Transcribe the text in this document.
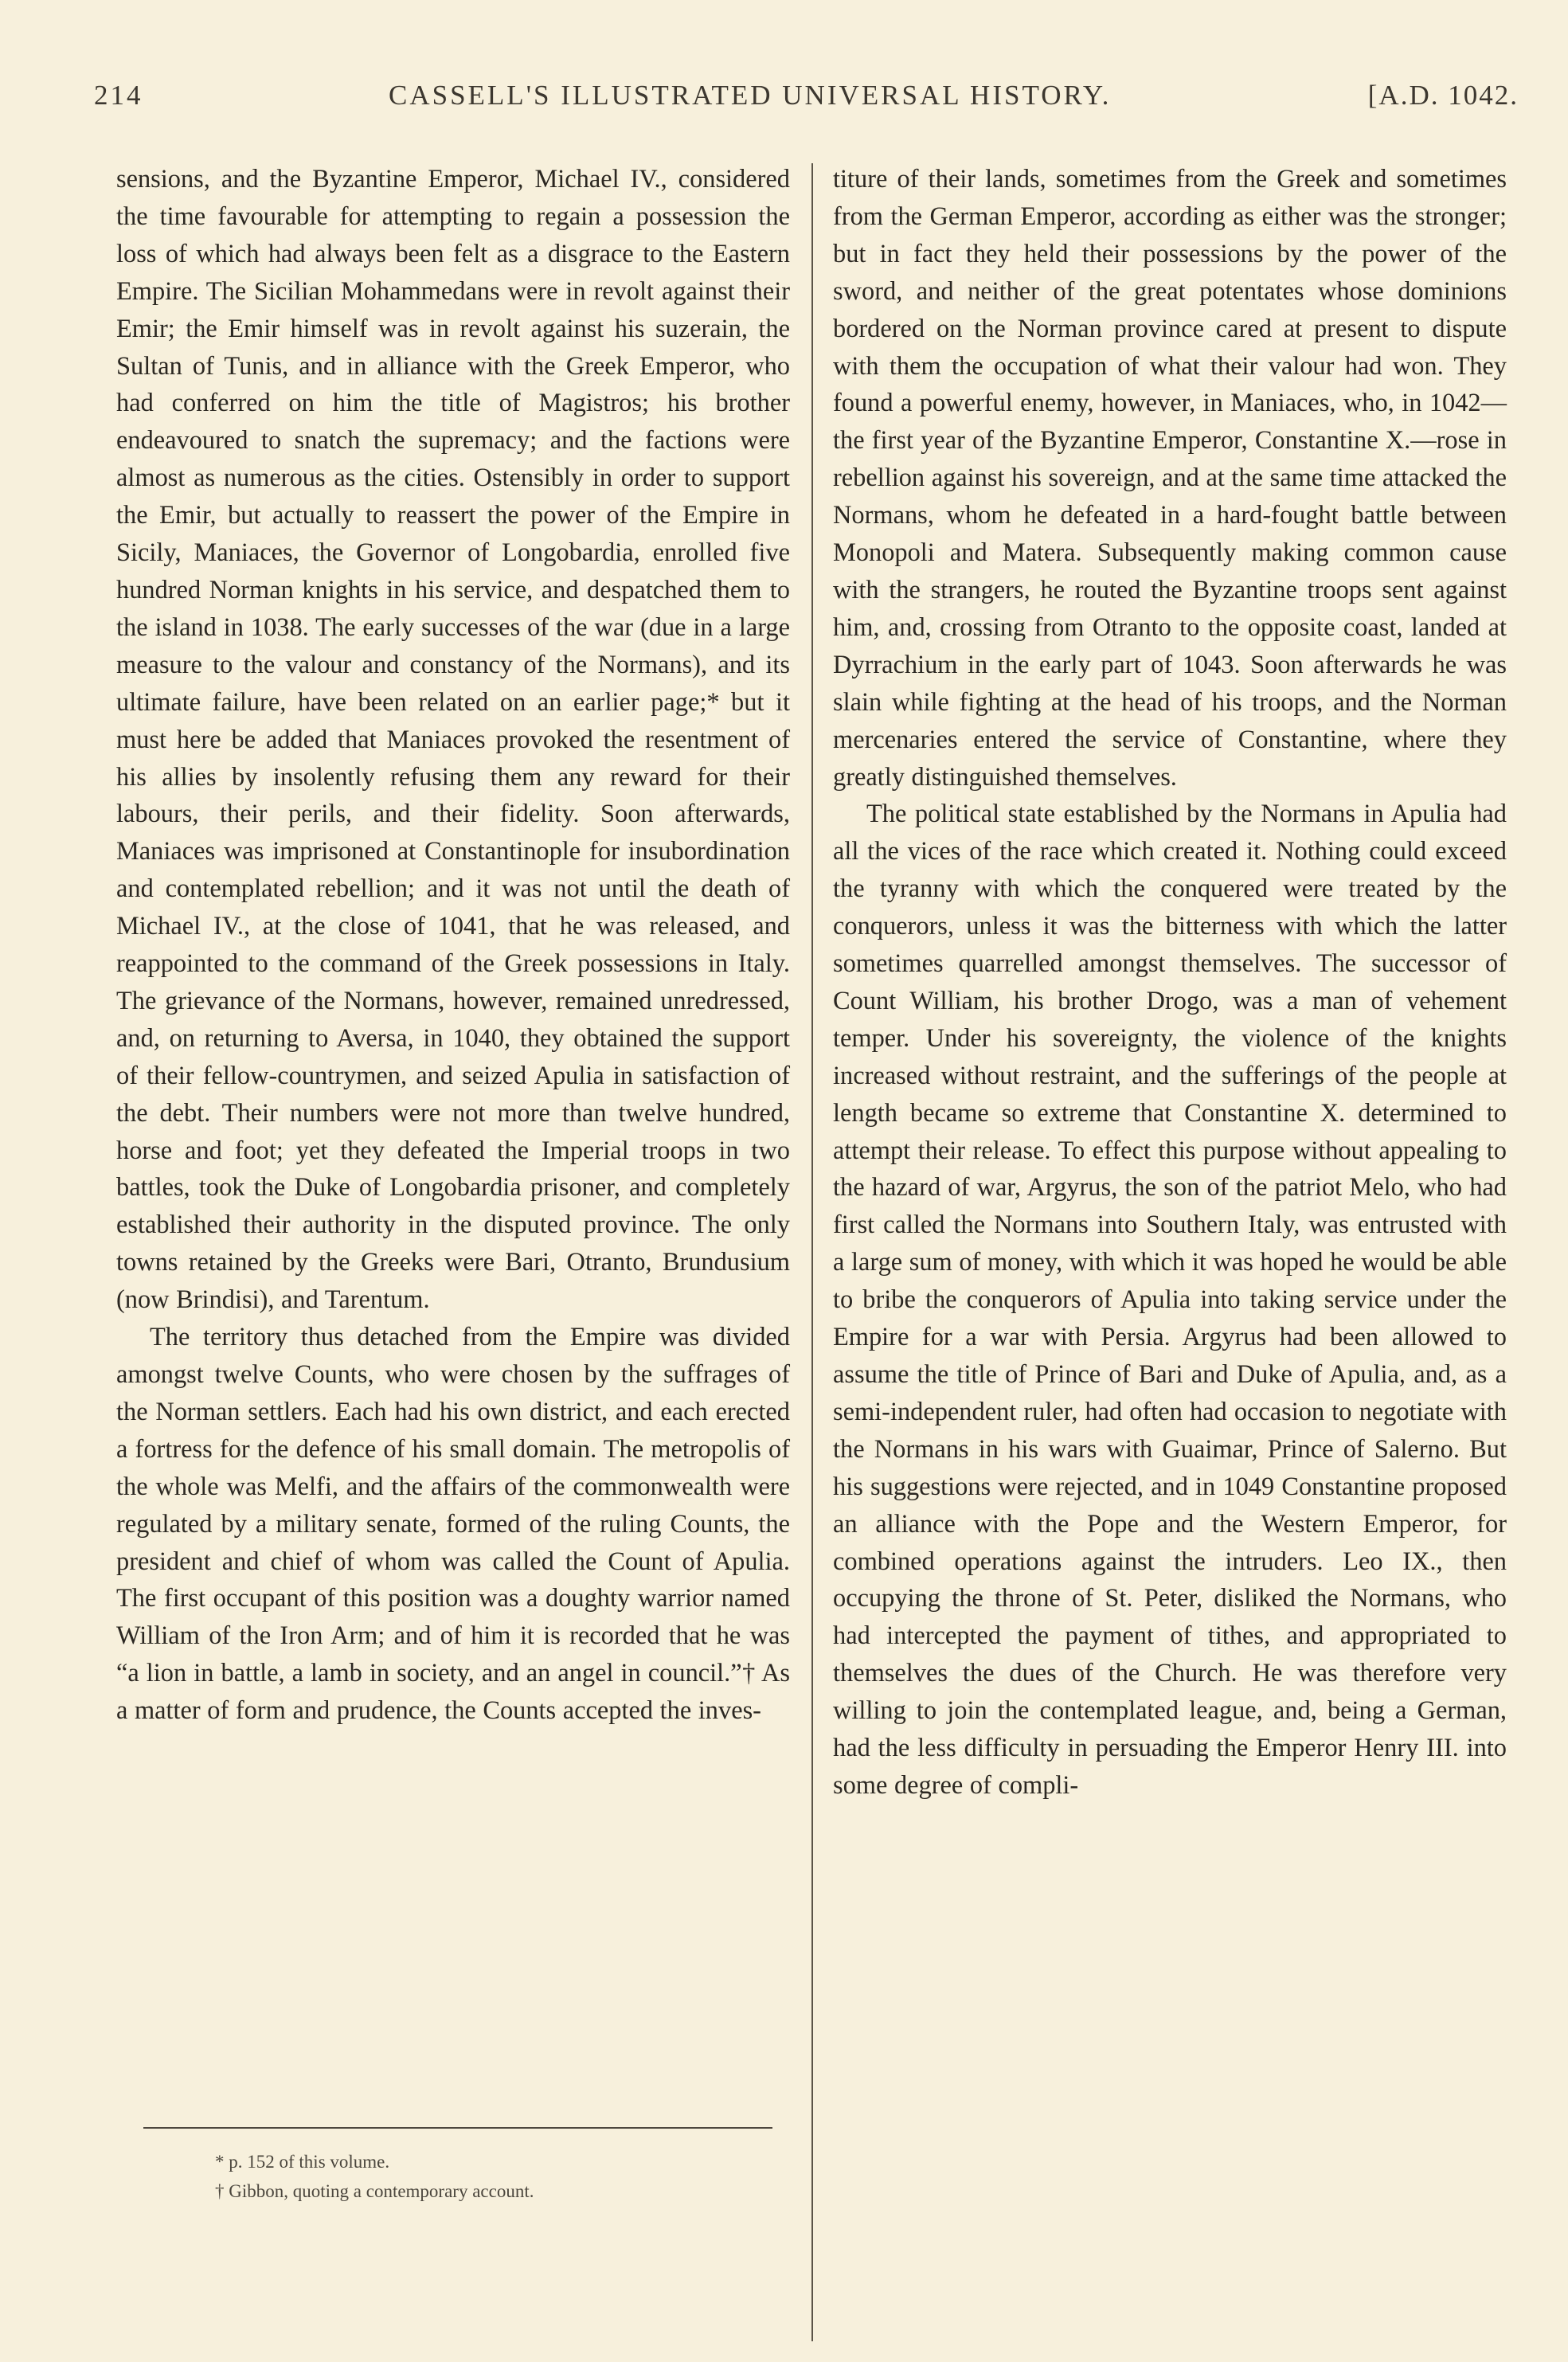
214	CASSELL'S ILLUSTRATED UNIVERSAL HISTORY.	[A.D. 1042.

sensions, and the Byzantine Emperor, Michael IV., considered the time favourable for attempting to regain a possession the loss of which had always been felt as a disgrace to the Eastern Empire. The Sicilian Mohammedans were in revolt against their Emir; the Emir himself was in revolt against his suzerain, the Sultan of Tunis, and in alliance with the Greek Emperor, who had conferred on him the title of Magistros; his brother endeavoured to snatch the supremacy; and the factions were almost as numerous as the cities. Ostensibly in order to support the Emir, but actually to reassert the power of the Empire in Sicily, Maniaces, the Governor of Longobardia, enrolled five hundred Norman knights in his service, and despatched them to the island in 1038. The early successes of the war (due in a large measure to the valour and constancy of the Normans), and its ultimate failure, have been related on an earlier page;* but it must here be added that Maniaces provoked the resentment of his allies by insolently refusing them any reward for their labours, their perils, and their fidelity. Soon afterwards, Maniaces was imprisoned at Constantinople for insubordination and contemplated rebellion; and it was not until the death of Michael IV., at the close of 1041, that he was released, and reappointed to the command of the Greek possessions in Italy. The grievance of the Normans, however, remained unredressed, and, on returning to Aversa, in 1040, they obtained the support of their fellow-countrymen, and seized Apulia in satisfaction of the debt. Their numbers were not more than twelve hundred, horse and foot; yet they defeated the Imperial troops in two battles, took the Duke of Longobardia prisoner, and completely established their authority in the disputed province. The only towns retained by the Greeks were Bari, Otranto, Brundusium (now Brindisi), and Tarentum.

The territory thus detached from the Empire was divided amongst twelve Counts, who were chosen by the suffrages of the Norman settlers. Each had his own district, and each erected a fortress for the defence of his small domain. The metropolis of the whole was Melfi, and the affairs of the commonwealth were regulated by a military senate, formed of the ruling Counts, the president and chief of whom was called the Count of Apulia. The first occupant of this position was a doughty warrior named William of the Iron Arm; and of him it is recorded that he was “a lion in battle, a lamb in society, and an angel in council.”† As a matter of form and prudence, the Counts accepted the inves-

titure of their lands, sometimes from the Greek and sometimes from the German Emperor, according as either was the stronger; but in fact they held their possessions by the power of the sword, and neither of the great potentates whose dominions bordered on the Norman province cared at present to dispute with them the occupation of what their valour had won. They found a powerful enemy, however, in Maniaces, who, in 1042—the first year of the Byzantine Emperor, Constantine X.—rose in rebellion against his sovereign, and at the same time attacked the Normans, whom he defeated in a hard-fought battle between Monopoli and Matera. Subsequently making common cause with the strangers, he routed the Byzantine troops sent against him, and, crossing from Otranto to the opposite coast, landed at Dyrrachium in the early part of 1043. Soon afterwards he was slain while fighting at the head of his troops, and the Norman mercenaries entered the service of Constantine, where they greatly distinguished themselves.

The political state established by the Normans in Apulia had all the vices of the race which created it. Nothing could exceed the tyranny with which the conquered were treated by the conquerors, unless it was the bitterness with which the latter sometimes quarrelled amongst themselves. The successor of Count William, his brother Drogo, was a man of vehement temper. Under his sovereignty, the violence of the knights increased without restraint, and the sufferings of the people at length became so extreme that Constantine X. determined to attempt their release. To effect this purpose without appealing to the hazard of war, Argyrus, the son of the patriot Melo, who had first called the Normans into Southern Italy, was entrusted with a large sum of money, with which it was hoped he would be able to bribe the conquerors of Apulia into taking service under the Empire for a war with Persia. Argyrus had been allowed to assume the title of Prince of Bari and Duke of Apulia, and, as a semi-independent ruler, had often had occasion to negotiate with the Normans in his wars with Guaimar, Prince of Salerno. But his suggestions were rejected, and in 1049 Constantine proposed an alliance with the Pope and the Western Emperor, for combined operations against the intruders. Leo IX., then occupying the throne of St. Peter, disliked the Normans, who had intercepted the payment of tithes, and appropriated to themselves the dues of the Church. He was therefore very willing to join the contemplated league, and, being a German, had the less difficulty in persuading the Emperor Henry III. into some degree of compli-

* p. 152 of this volume.

† Gibbon, quoting a contemporary account.
